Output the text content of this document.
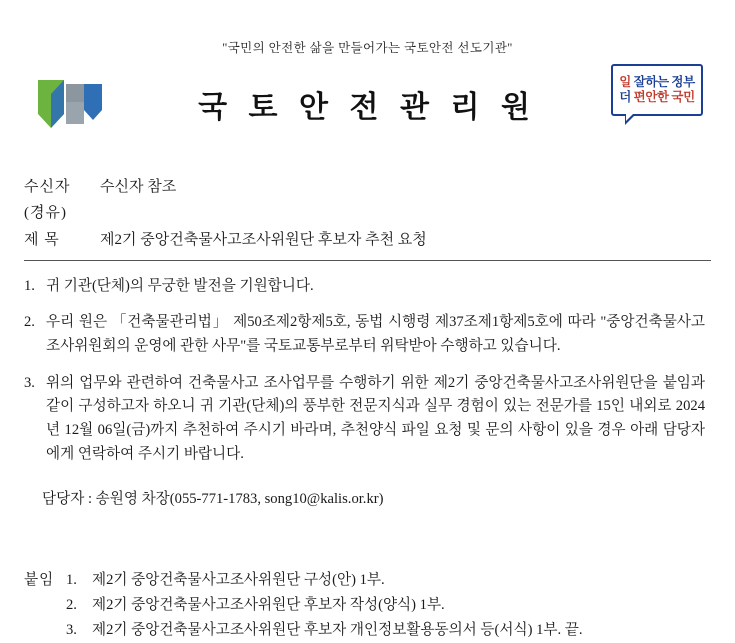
"국민의 안전한 삶을 만들어가는 국토안전 선도기관"
국 토 안 전 관 리 원
일 잘하는 정부
더 편안한 국민
수신자	수신자 참조
(경유)
제 목	제2기 중앙건축물사고조사위원단 후보자 추천 요청
1. 귀 기관(단체)의 무궁한 발전을 기원합니다.
2. 우리 원은 「건축물관리법」 제50조제2항제5호, 동법 시행령 제37조제1항제5호에 따라 "중앙건축물사고조사위원회의 운영에 관한 사무"를 국토교통부로부터 위탁받아 수행하고 있습니다.
3. 위의 업무와 관련하여 건축물사고 조사업무를 수행하기 위한 제2기 중앙건축물사고조사위원단을 붙임과 같이 구성하고자 하오니 귀 기관(단체)의 풍부한 전문지식과 실무 경험이 있는 전문가를 15인 내외로 2024년 12월 06일(금)까지 추천하여 주시기 바라며, 추천양식 파일 요청 및 문의 사항이 있을 경우 아래 담당자에게 연락하여 주시기 바랍니다.
담당자 : 송원영 차장(055-771-1783, song10@kalis.or.kr)
붙임 1.	제2기 중앙건축물사고조사위원단 구성(안) 1부.
2.	제2기 중앙건축물사고조사위원단 후보자 작성(양식) 1부.
3.	제2기 중앙건축물사고조사위원단 후보자 개인정보활용동의서 등(서식) 1부. 끝.
